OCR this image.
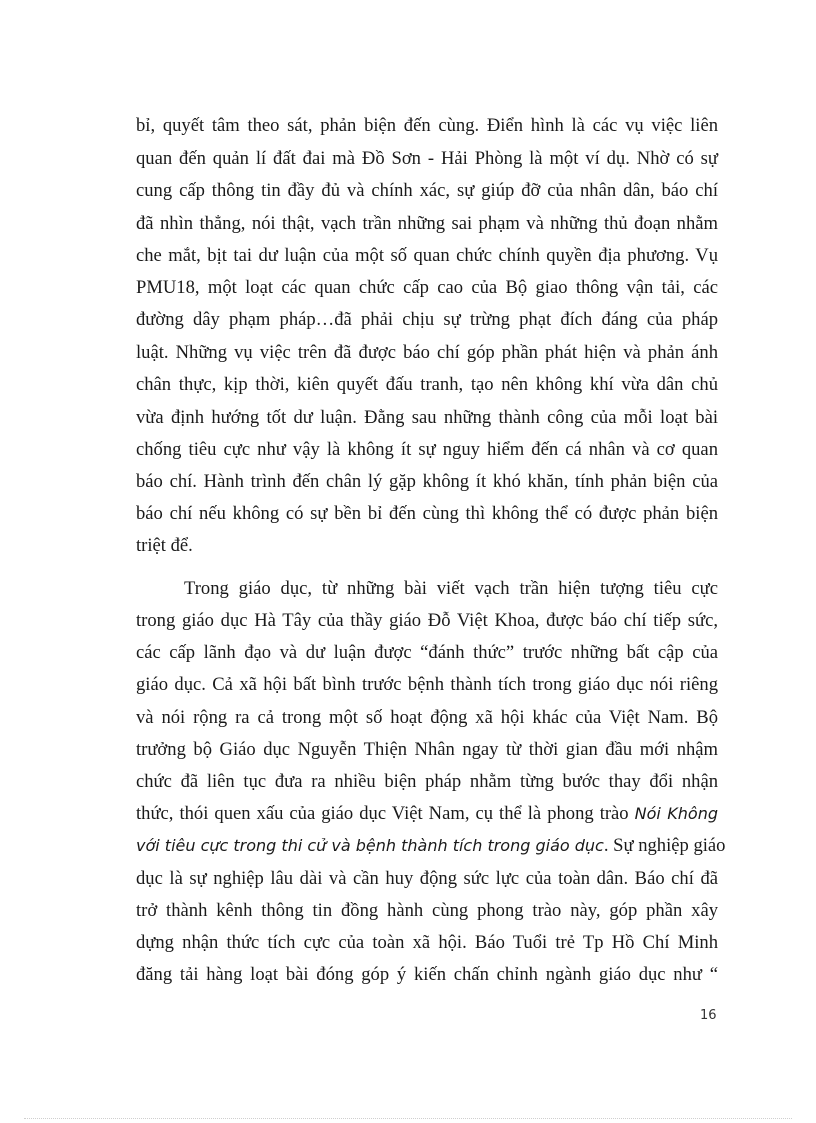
bỉ, quyết tâm theo sát, phản biện đến cùng. Điển hình là các vụ việc liên
quan đến quản lí đất đai mà Đồ Sơn - Hải Phòng là một ví dụ. Nhờ có sự
cung cấp thông tin đầy đủ và chính xác, sự giúp đỡ của nhân dân, báo chí
đã nhìn thẳng, nói thật, vạch trần những sai phạm và những thủ đoạn nhằm
che mắt, bịt tai dư luận của một số quan chức chính quyền địa phương. Vụ
PMU18, một loạt các quan chức cấp cao của Bộ giao thông vận tải, các
đường dây phạm pháp…đã phải chịu sự trừng phạt đích đáng của pháp
luật. Những vụ việc trên đã được báo chí góp phần phát hiện và phản ánh
chân thực, kịp thời, kiên quyết đấu tranh, tạo nên không khí vừa dân chủ
vừa định hướng tốt dư luận. Đằng sau những thành công của mỗi loạt bài
chống tiêu cực như vậy là không ít sự nguy hiểm đến cá nhân và cơ quan
báo chí. Hành trình đến chân lý gặp không ít khó khăn, tính phản biện của
báo chí nếu không có sự bền bỉ đến cùng thì không thể có được phản biện
triệt để.
Trong giáo dục, từ những bài viết vạch trần hiện tượng tiêu cực
trong giáo dục Hà Tây của thầy giáo Đỗ Việt Khoa, được báo chí tiếp sức,
các cấp lãnh đạo và dư luận được “đánh thức” trước những bất cập của
giáo dục. Cả xã hội bất bình trước bệnh thành tích trong giáo dục nói riêng
và nói rộng ra cả trong một số hoạt động xã hội khác của Việt Nam. Bộ
trưởng bộ Giáo dục Nguyễn Thiện Nhân ngay từ thời gian đầu mới nhậm
chức đã liên tục đưa ra nhiều biện pháp nhằm từng bước thay đổi nhận
thức, thói quen xấu của giáo dục Việt Nam, cụ thể là phong trào Nói Không
với tiêu cực trong thi cử và bệnh thành tích trong giáo dục. Sự nghiệp giáo
dục là sự nghiệp lâu dài và cần huy động sức lực của toàn dân. Báo chí đã
trở thành kênh thông tin đồng hành cùng phong trào này, góp phần xây
dựng nhận thức tích cực của toàn xã hội. Báo Tuổi trẻ Tp Hồ Chí Minh
đăng tải hàng loạt bài đóng góp ý kiến chấn chỉnh ngành giáo dục như “
16
